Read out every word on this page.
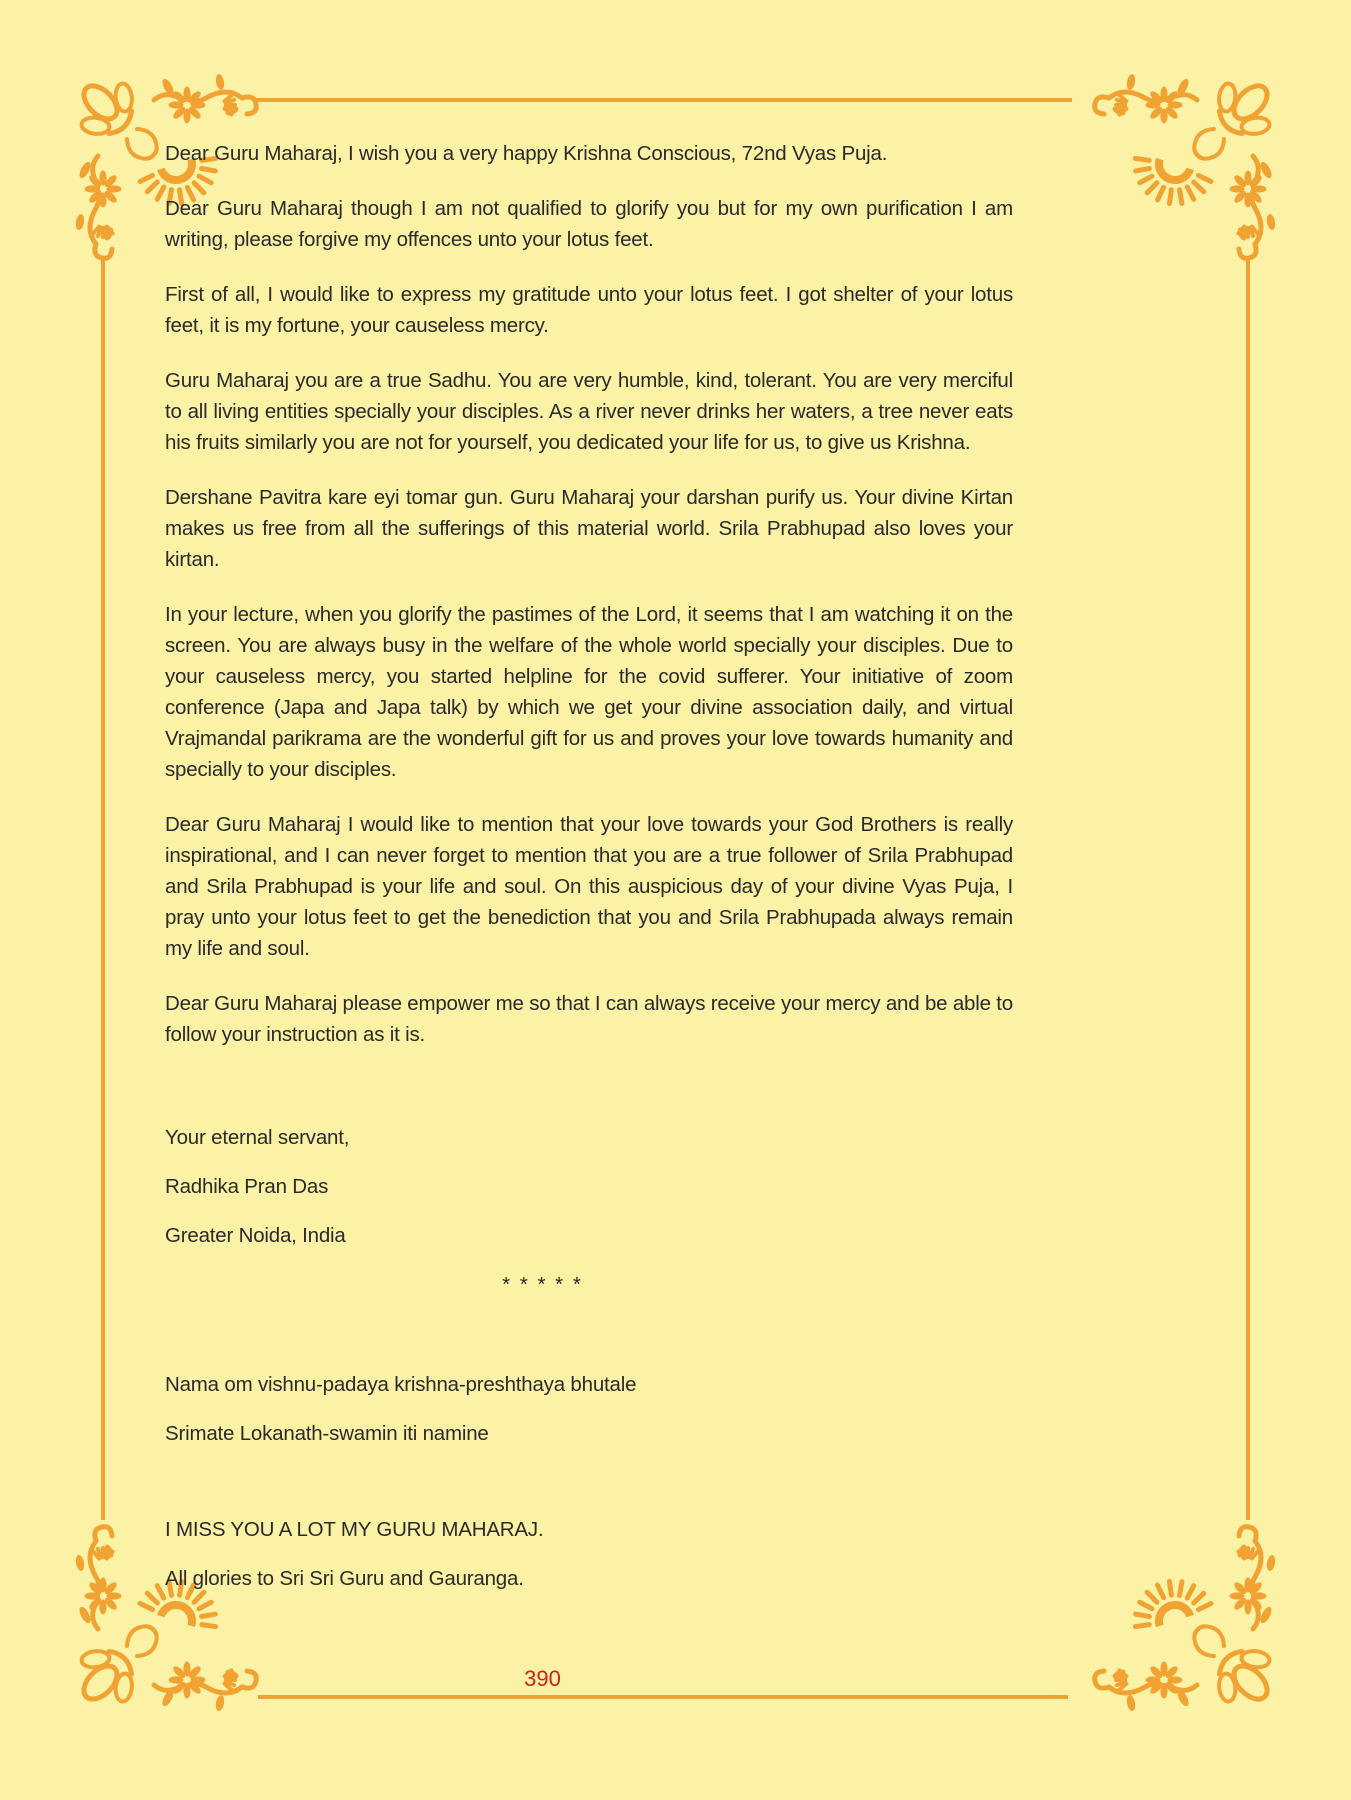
Dear Guru Maharaj, I wish you a very happy Krishna Conscious, 72nd Vyas Puja.

Dear Guru Maharaj though I am not qualified to glorify you but for my own purification I am writing, please forgive my offences unto your lotus feet.

First of all, I would like to express my gratitude unto your lotus feet. I got shelter of your lotus feet, it is my fortune, your causeless mercy.

Guru Maharaj you are a true Sadhu. You are very humble, kind, tolerant. You are very merciful to all living entities specially your disciples. As a river never drinks her waters, a tree never eats his fruits similarly you are not for yourself, you dedicated your life for us, to give us Krishna.

Dershane Pavitra kare eyi tomar gun. Guru Maharaj your darshan purify us. Your divine Kirtan makes us free from all the sufferings of this material world. Srila Prabhupad also loves your kirtan.

In your lecture, when you glorify the pastimes of the Lord, it seems that I am watching it on the screen. You are always busy in the welfare of the whole world specially your disciples. Due to your causeless mercy, you started helpline for the covid sufferer. Your initiative of zoom conference (Japa and Japa talk) by which we get your divine association daily, and virtual Vrajmandal parikrama are the wonderful gift for us and proves your love towards humanity and specially to your disciples.

Dear Guru Maharaj I would like to mention that your love towards your God Brothers is really inspirational, and I can never forget to mention that you are a true follower of Srila Prabhupad and Srila Prabhupad is your life and soul. On this auspicious day of your divine Vyas Puja, I pray unto your lotus feet to get the benediction that you and Srila Prabhupada always remain my life and soul.

Dear Guru Maharaj please empower me so that I can always receive your mercy and be able to follow your instruction as it is.

Your eternal servant,

Radhika Pran Das

Greater Noida, India

* * * * *

Nama om vishnu-padaya krishna-preshthaya bhutale

Srimate Lokanath-swamin iti namine

I MISS YOU A LOT MY GURU MAHARAJ.

All glories to Sri Sri Guru and Gauranga.

390
